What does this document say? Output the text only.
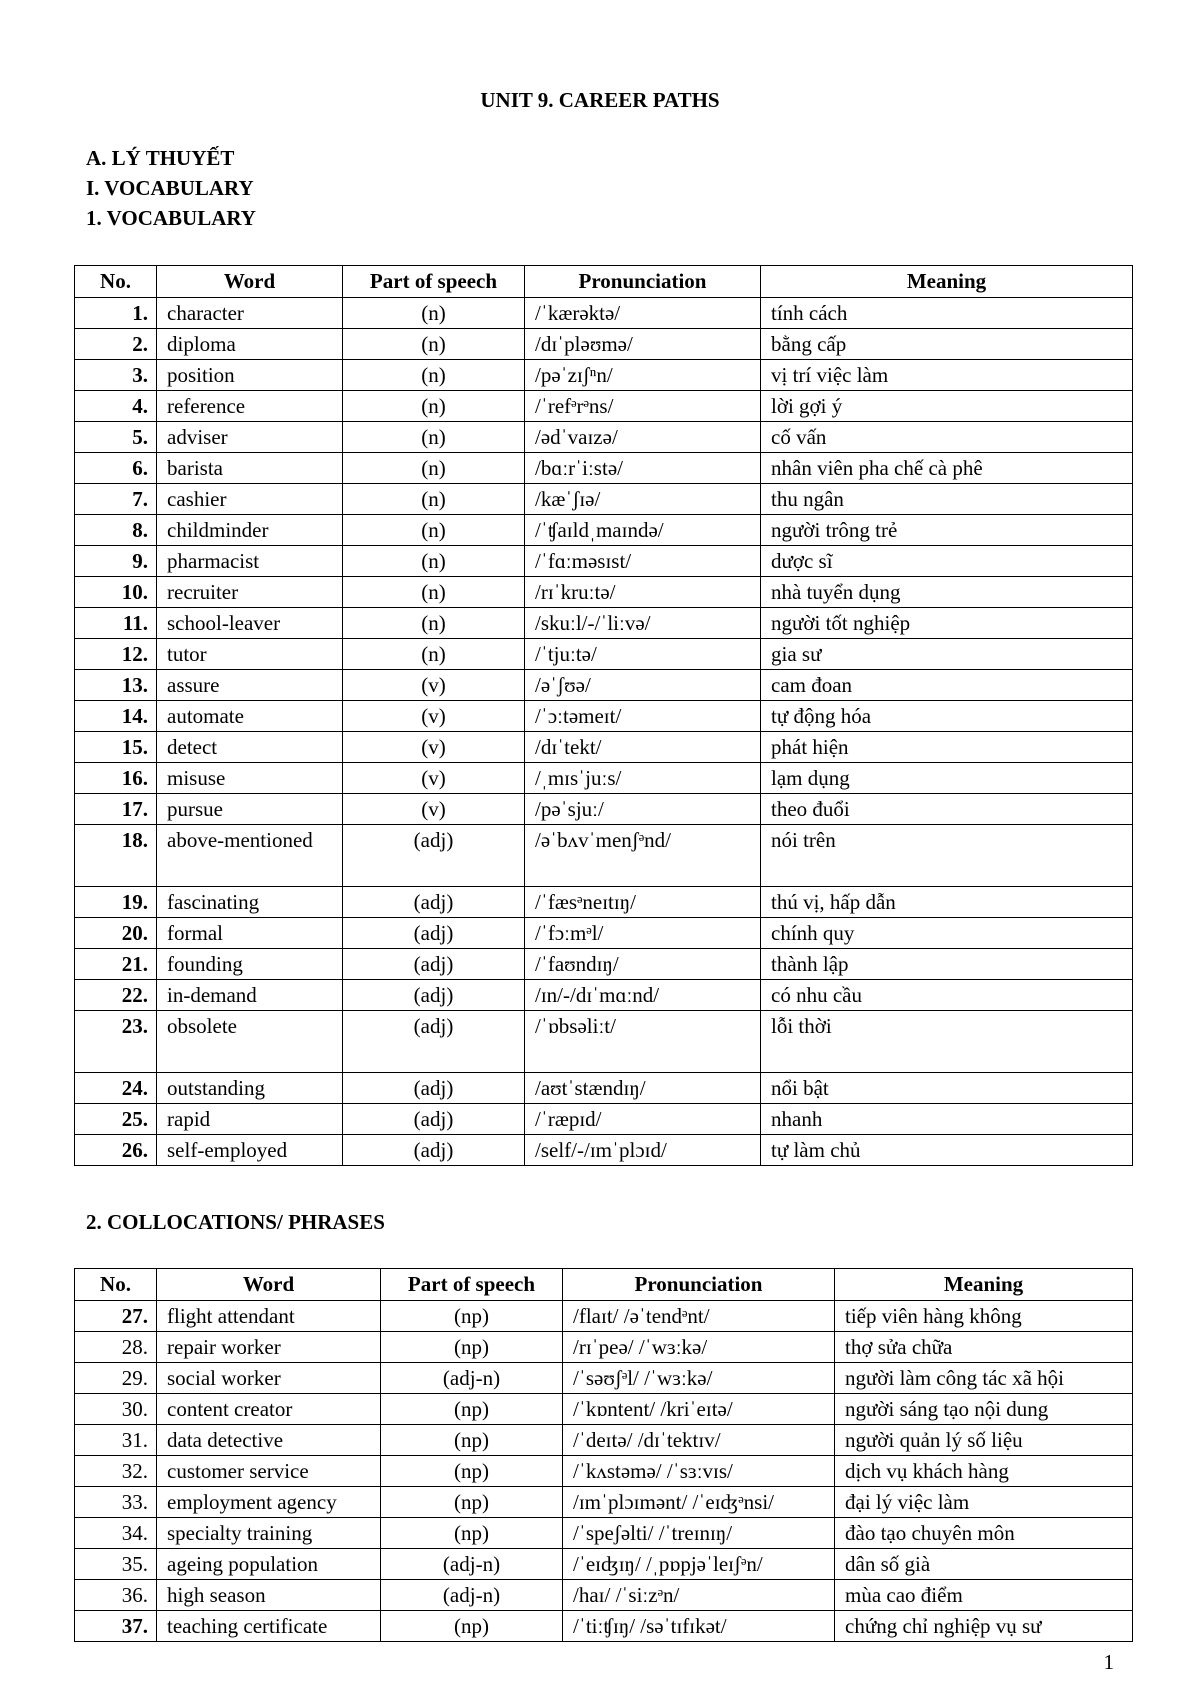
UNIT 9. CAREER PATHS
A. LÝ THUYẾT
I. VOCABULARY
1. VOCABULARY
No.	Word	Part of speech	Pronunciation	Meaning
1.	character	(n)	/ˈkærəktə/	tính cách
2.	diploma	(n)	/dɪˈpləʊmə/	bằng cấp
3.	position	(n)	/pəˈzɪʃⁿn/	vị trí việc làm
4.	reference	(n)	/ˈrefᵊrᵊns/	lời gợi ý
5.	adviser	(n)	/ədˈvaɪzə/	cố vấn
6.	barista	(n)	/bɑːrˈiːstə/	nhân viên pha chế cà phê
7.	cashier	(n)	/kæˈʃɪə/	thu ngân
8.	childminder	(n)	/ˈʧaɪldˌmaɪndə/	người trông trẻ
9.	pharmacist	(n)	/ˈfɑːməsɪst/	dược sĩ
10.	recruiter	(n)	/rɪˈkruːtə/	nhà tuyển dụng
11.	school-leaver	(n)	/skuːl/-/ˈliːvə/	người tốt nghiệp
12.	tutor	(n)	/ˈtjuːtə/	gia sư
13.	assure	(v)	/əˈʃʊə/	cam đoan
14.	automate	(v)	/ˈɔːtəmeɪt/	tự động hóa
15.	detect	(v)	/dɪˈtekt/	phát hiện
16.	misuse	(v)	/ˌmɪsˈjuːs/	lạm dụng
17.	pursue	(v)	/pəˈsjuː/	theo đuổi
18.	above-mentioned	(adj)	/əˈbʌvˈmenʃᵊnd/	nói trên
19.	fascinating	(adj)	/ˈfæsᵊneɪtɪŋ/	thú vị, hấp dẫn
20.	formal	(adj)	/ˈfɔːmᵊl/	chính quy
21.	founding	(adj)	/ˈfaʊndɪŋ/	thành lập
22.	in-demand	(adj)	/ɪn/-/dɪˈmɑːnd/	có nhu cầu
23.	obsolete	(adj)	/ˈɒbsəliːt/	lỗi thời
24.	outstanding	(adj)	/aʊtˈstændɪŋ/	nổi bật
25.	rapid	(adj)	/ˈræpɪd/	nhanh
26.	self-employed	(adj)	/self/-/ɪmˈplɔɪd/	tự làm chủ
2. COLLOCATIONS/ PHRASES
No.	Word	Part of speech	Pronunciation	Meaning
27.	flight attendant	(np)	/flaɪt/ /əˈtendᵊnt/	tiếp viên hàng không
28.	repair worker	(np)	/rɪˈpeə/ /ˈwɜːkə/	thợ sửa chữa
29.	social worker	(adj-n)	/ˈsəʊʃᵊl/ /ˈwɜːkə/	người làm công tác xã hội
30.	content creator	(np)	/ˈkɒntent/ /kriˈeɪtə/	người sáng tạo nội dung
31.	data detective	(np)	/ˈdeɪtə/ /dɪˈtektɪv/	người quản lý số liệu
32.	customer service	(np)	/ˈkʌstəmə/ /ˈsɜːvɪs/	dịch vụ khách hàng
33.	employment agency	(np)	/ɪmˈplɔɪmənt/ /ˈeɪʤᵊnsi/	đại lý việc làm
34.	specialty training	(np)	/ˈspeʃəlti/ /ˈtreɪnɪŋ/	đào tạo chuyên môn
35.	ageing population	(adj-n)	/ˈeɪʤɪŋ/ /ˌpɒpjəˈleɪʃᵊn/	dân số già
36.	high season	(adj-n)	/haɪ/ /ˈsiːzᵊn/	mùa cao điểm
37.	teaching certificate	(np)	/ˈtiːʧɪŋ/ /səˈtɪfɪkət/	chứng chỉ nghiệp vụ sư
1
